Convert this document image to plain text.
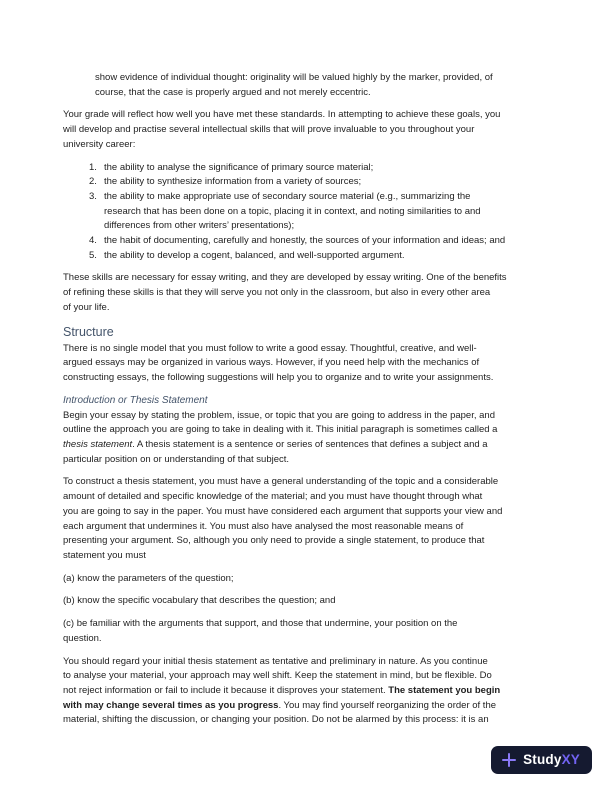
show evidence of individual thought: originality will be valued highly by the marker, provided, of
course, that the case is properly argued and not merely eccentric.
Your grade will reflect how well you have met these standards. In attempting to achieve these goals, you
will develop and practise several intellectual skills that will prove invaluable to you throughout your
university career:
1. the ability to analyse the significance of primary source material;
2. the ability to synthesize information from a variety of sources;
3. the ability to make appropriate use of secondary source material (e.g., summarizing the
research that has been done on a topic, placing it in context, and noting similarities to and
differences from other writers’ presentations);
4. the habit of documenting, carefully and honestly, the sources of your information and ideas; and
5. the ability to develop a cogent, balanced, and well-supported argument.
These skills are necessary for essay writing, and they are developed by essay writing. One of the benefits
of refining these skills is that they will serve you not only in the classroom, but also in every other area
of your life.
Structure
There is no single model that you must follow to write a good essay. Thoughtful, creative, and well-
argued essays may be organized in various ways. However, if you need help with the mechanics of
constructing essays, the following suggestions will help you to organize and to write your assignments.
Introduction or Thesis Statement
Begin your essay by stating the problem, issue, or topic that you are going to address in the paper, and
outline the approach you are going to take in dealing with it. This initial paragraph is sometimes called a
thesis statement. A thesis statement is a sentence or series of sentences that defines a subject and a
particular position on or understanding of that subject.
To construct a thesis statement, you must have a general understanding of the topic and a considerable
amount of detailed and specific knowledge of the material; and you must have thought through what
you are going to say in the paper. You must have considered each argument that supports your view and
each argument that undermines it. You must also have analysed the most reasonable means of
presenting your argument. So, although you only need to provide a single statement, to produce that
statement you must
(a) know the parameters of the question;
(b) know the specific vocabulary that describes the question; and
(c) be familiar with the arguments that support, and those that undermine, your position on the
question.
You should regard your initial thesis statement as tentative and preliminary in nature. As you continue
to analyse your material, your approach may well shift. Keep the statement in mind, but be flexible. Do
not reject information or fail to include it because it disproves your statement. The statement you begin
with may change several times as you progress. You may find yourself reorganizing the order of the
material, shifting the discussion, or changing your position. Do not be alarmed by this process: it is an
StudyXY
